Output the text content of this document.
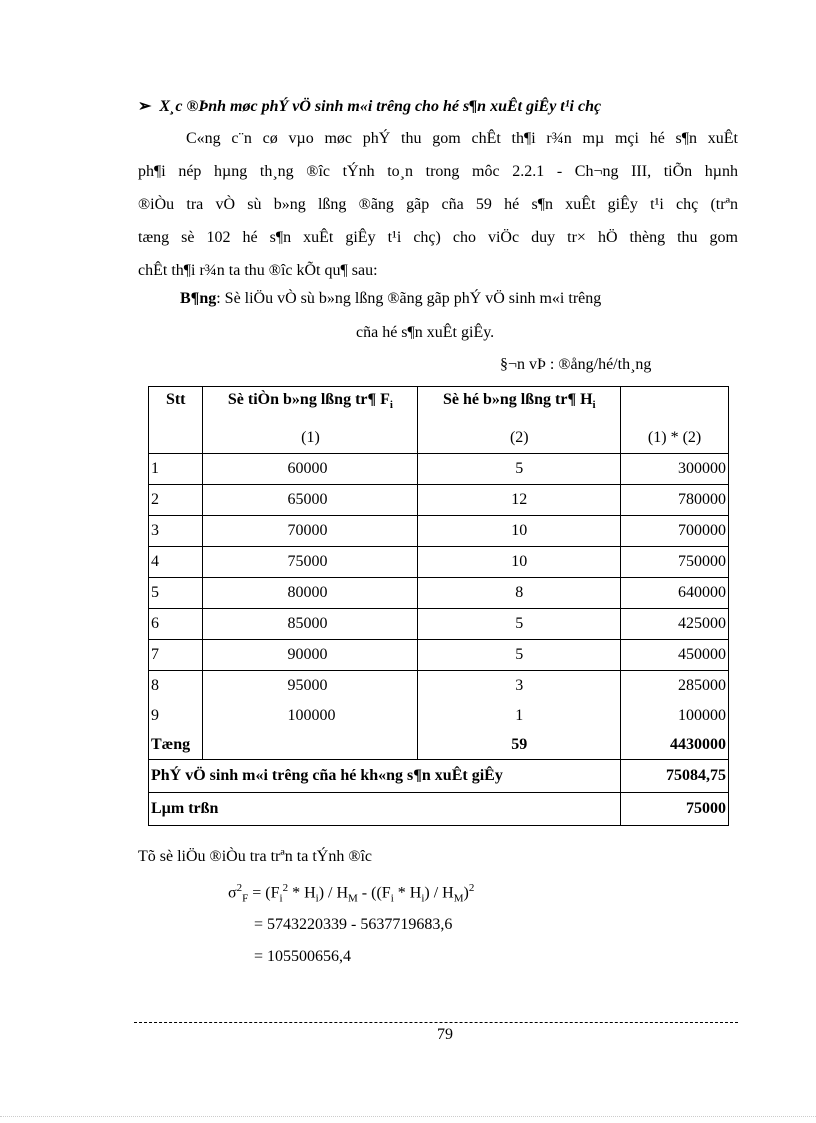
➢ X¸c ®Þnh møc phÝ vÖ sinh m«i trêng cho hé s¶n xuÊt giÊy t¹i chç
C«ng c¨n cø vµo møc phÝ thu gom chÊt th¶i r¾n mµ mçi hé s¶n xuÊt
ph¶i nép hµng th¸ng ®îc tÝnh to¸n trong môc 2.2.1 - Ch¬ng III, tiÕn hµnh
®iÒu tra vÒ sù b»ng lßng ®ãng gãp cña 59 hé s¶n xuÊt giÊy t¹i chç (trªn
tæng sè 102 hé s¶n xuÊt giÊy t¹i chç) cho viÖc duy tr× hÖ thèng thu gom
chÊt th¶i r¾n ta thu ®îc kÕt qu¶ sau:
B¶ng: Sè liÖu vÒ sù b»ng lßng ®ãng gãp phÝ vÖ sinh m«i trêng
cña hé s¶n xuÊt giÊy.
§¬n vÞ : ®ång/hé/th¸ng
Stt	Sè tiÒn b»ng lßng tr¶ $F_i$	Sè hé b»ng lßng tr¶ $H_i$	
	(1)	(2)	(1) * (2)
1	60000	5	300000
2	65000	12	780000
3	70000	10	700000
4	75000	10	750000
5	80000	8	640000
6	85000	5	425000
7	90000	5	450000
8	95000	3	285000
9	100000	1	100000
Tæng		59	4430000
PhÝ vÖ sinh m«i trêng cña hé kh«ng s¶n xuÊt giÊy			75084,75
Lµm trßn			75000
Tõ sè liÖu ®iÒu tra trªn ta tÝnh ®îc
$\sigma^2_F = (F_i^2 * H_i) / H_M - ((F_i * H_i) / H_M)^2$
= 5743220339 - 5637719683,6
= 105500656,4
79
